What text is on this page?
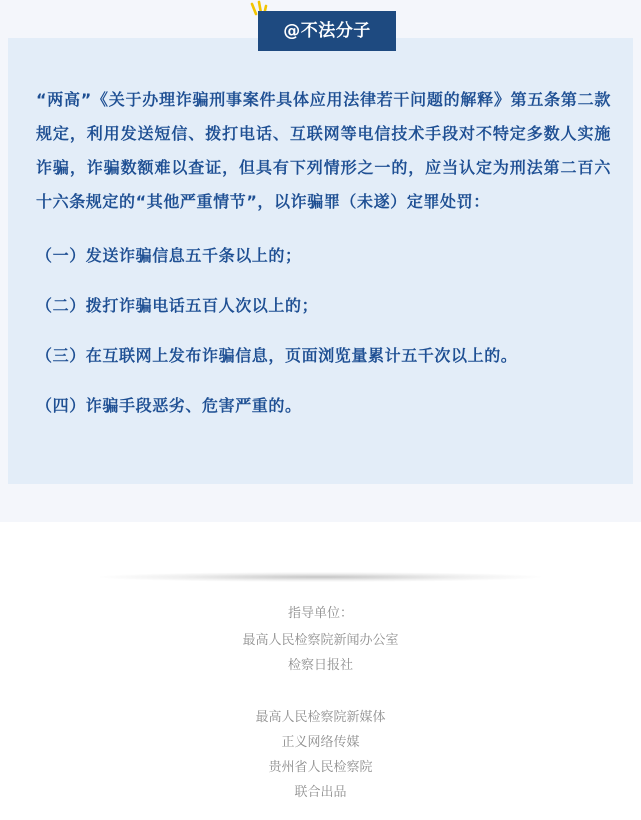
@不法分子

“两高”《关于办理诈骗刑事案件具体应用法律若干问题的解释》第五条第二款规定，利用发送短信、拨打电话、互联网等电信技术手段对不特定多数人实施诈骗，诈骗数额难以查证，但具有下列情形之一的，应当认定为刑法第二百六十六条规定的“其他严重情节”，以诈骗罪（未遂）定罪处罚：

（一）发送诈骗信息五千条以上的；

（二）拨打诈骗电话五百人次以上的；

（三）在互联网上发布诈骗信息，页面浏览量累计五千次以上的。

（四）诈骗手段恶劣、危害严重的。

指导单位：
最高人民检察院新闻办公室
检察日报社
最高人民检察院新媒体
正义网络传媒
贵州省人民检察院
联合出品
